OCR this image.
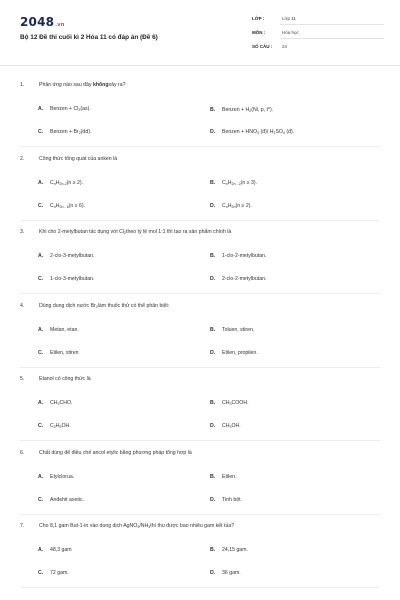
2048.vn
Bộ 12 Đề thi cuối kì 2 Hóa 11 có đáp án (Đề 6)
LỚP :	Lớp 11
MÔN :	Hóa học
SỐ CÂU : 24
1.	Phản ứng nào sau đây khôngxảy ra?
A. Benzen + $Cl_2(as)$.	B. Benzen + $H_2(Ni$, p, $t^o$).
C. Benzen + $Br_2(dd)$.	D. Benzen + $HNO_3$ (đ)/ $H_2SO_4$ (đ).
2.	Công thức tổng quát của anken là
A. $C_nH_{2n-2}(n \ge 2)$.	B. $C_nH_{2n - 2}(n \ge 3)$.
C. $C_nH_{2n - 6}(n \ge 6)$.	D. $C_nH_{2n}(n \ge 2)$.
3.	Khi cho 2-metylbutan tác dụng với $Cl_2theo$ tỷ lệ mol 1:1 thì tạo ra sản phẩm chính là
A. 2-clo-3-metylbutan.	B. 1-clo-2-metylbutan.
C. 1-clo-3-metylbutan.	D. 2-clo-2-metylbutan.
4.	Dùng dung dịch nước $Br_2làm$ thuốc thử có thể phân biệt:
A. Metan, etan.	B. Toluen, stiren.
C. Etilen, stiren	D. Etilen, propilen.
5.	Etanol có công thức là
A. $CH_3CHO$.	B. $CH_3COOH$.
C. $C_2H_5OH$.	D. $CH_3OH$.
6.	Chất dùng để điều chế ancol etylic bằng phương pháp tổng hợp là
A. Etylclorua.	B. Etilen.
C. Anđehit axetic.	D. Tinh bột.
7.	Cho 8,1 gam But-1-in vào dung dịch $AgNO_3/NH_3thì$ thu được bao nhiêu gam kết tủa?
A. 48,3 gam	B. 24,15 gam.
C. 72 gam.	D. 36 gam.
